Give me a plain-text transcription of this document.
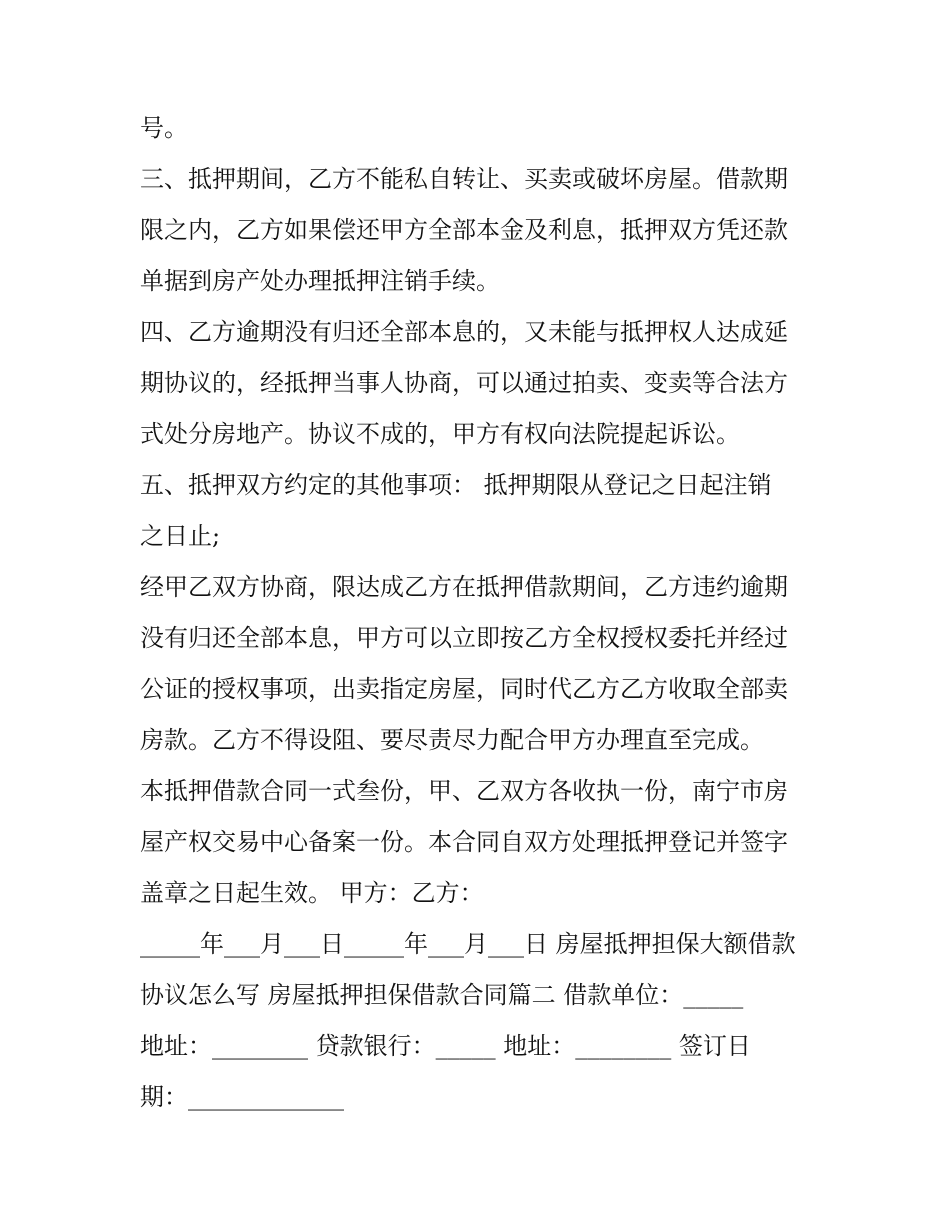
号。
三、抵押期间，乙方不能私自转让、买卖或破坏房屋。借款期
限之内，乙方如果偿还甲方全部本金及利息，抵押双方凭还款
单据到房产处办理抵押注销手续。
四、乙方逾期没有归还全部本息的，又未能与抵押权人达成延
期协议的，经抵押当事人协商，可以通过拍卖、变卖等合法方
式处分房地产。协议不成的，甲方有权向法院提起诉讼。
五、抵押双方约定的其他事项： 抵押期限从登记之日起注销
之日止;
经甲乙双方协商，限达成乙方在抵押借款期间，乙方违约逾期
没有归还全部本息，甲方可以立即按乙方全权授权委托并经过
公证的授权事项，出卖指定房屋，同时代乙方乙方收取全部卖
房款。乙方不得设阻、要尽责尽力配合甲方办理直至完成。
本抵押借款合同一式叁份，甲、乙双方各收执一份，南宁市房
屋产权交易中心备案一份。本合同自双方处理抵押登记并签字
盖章之日起生效。 甲方：乙方：
_____年___月___日_____年___月___日 房屋抵押担保大额借款
协议怎么写 房屋抵押担保借款合同篇二 借款单位：_____
地址：________ 贷款银行：_____ 地址：________ 签订日
期：_____________
